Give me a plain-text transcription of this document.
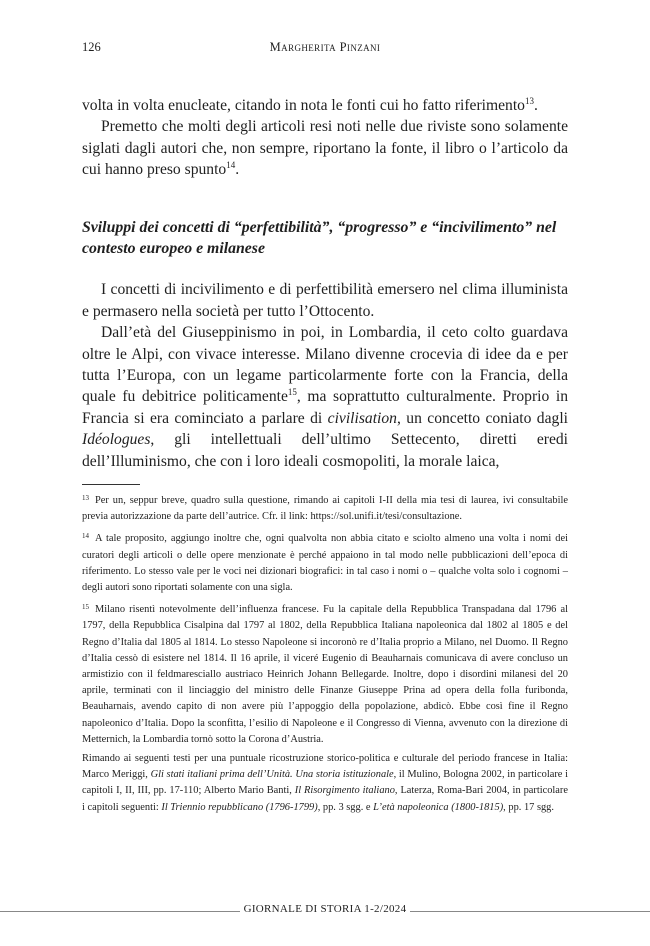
126	Margherita Pinzani

volta in volta enucleate, citando in nota le fonti cui ho fatto riferimento$^{13}$.

Premetto che molti degli articoli resi noti nelle due riviste sono solamente siglati dagli autori che, non sempre, riportano la fonte, il libro o l’articolo da cui hanno preso spunto$^{14}$.

Sviluppi dei concetti di “perfettibilità”, “progresso” e “incivilimento” nel contesto europeo e milanese

I concetti di incivilimento e di perfettibilità emersero nel clima illuminista e permasero nella società per tutto l’Ottocento.

Dall’età del Giuseppinismo in poi, in Lombardia, il ceto colto guardava oltre le Alpi, con vivace interesse. Milano divenne crocevia di idee da e per tutta l’Europa, con un legame particolarmente forte con la Francia, della quale fu debitrice politicamente$^{15}$, ma soprattutto culturalmente. Proprio in Francia si era cominciato a parlare di civilisation, un concetto coniato dagli Idéologues, gli intellettuali dell’ultimo Settecento, diretti eredi dell’Illuminismo, che con i loro ideali cosmopoliti, la morale laica,

$^{13}$ Per un, seppur breve, quadro sulla questione, rimando ai capitoli I-II della mia tesi di laurea, ivi consultabile previa autorizzazione da parte dell’autrice. Cfr. il link: https://sol.unifi.it/tesi/consultazione.

$^{14}$ A tale proposito, aggiungo inoltre che, ogni qualvolta non abbia citato e sciolto almeno una volta i nomi dei curatori degli articoli o delle opere menzionate è perché appaiono in tal modo nelle pubblicazioni dell’epoca di riferimento. Lo stesso vale per le voci nei dizionari biografici: in tal caso i nomi o – qualche volta solo i cognomi – degli autori sono riportati solamente con una sigla.

$^{15}$ Milano risentì notevolmente dell’influenza francese. Fu la capitale della Repubblica Transpadana dal 1796 al 1797, della Repubblica Cisalpina dal 1797 al 1802, della Repubblica Italiana napoleonica dal 1802 al 1805 e del Regno d’Italia dal 1805 al 1814. Lo stesso Napoleone si incoronò re d’Italia proprio a Milano, nel Duomo. Il Regno d’Italia cessò di esistere nel 1814. Il 16 aprile, il viceré Eugenio di Beauharnais comunicava di avere concluso un armistizio con il feldmaresciallo austriaco Heinrich Johann Bellegarde. Inoltre, dopo i disordini milanesi del 20 aprile, terminati con il linciaggio del ministro delle Finanze Giuseppe Prina ad opera della folla furibonda, Beauharnais, avendo capito di non avere più l’appoggio della popolazione, abdicò. Ebbe così fine il Regno napoleonico d’Italia. Dopo la sconfitta, l’esilio di Napoleone e il Congresso di Vienna, avvenuto con la direzione di Metternich, la Lombardia tornò sotto la Corona d’Austria.

Rimando ai seguenti testi per una puntuale ricostruzione storico-politica e culturale del periodo francese in Italia: Marco Meriggi, Gli stati italiani prima dell’Unità. Una storia istituzionale, il Mulino, Bologna 2002, in particolare i capitoli I, II, III, pp. 17-110; Alberto Mario Banti, Il Risorgimento italiano, Laterza, Roma-Bari 2004, in particolare i capitoli seguenti: Il Triennio repubblicano (1796-1799), pp. 3 sgg. e L’età napoleonica (1800-1815), pp. 17 sgg.

GIORNALE DI STORIA 1-2/2024
